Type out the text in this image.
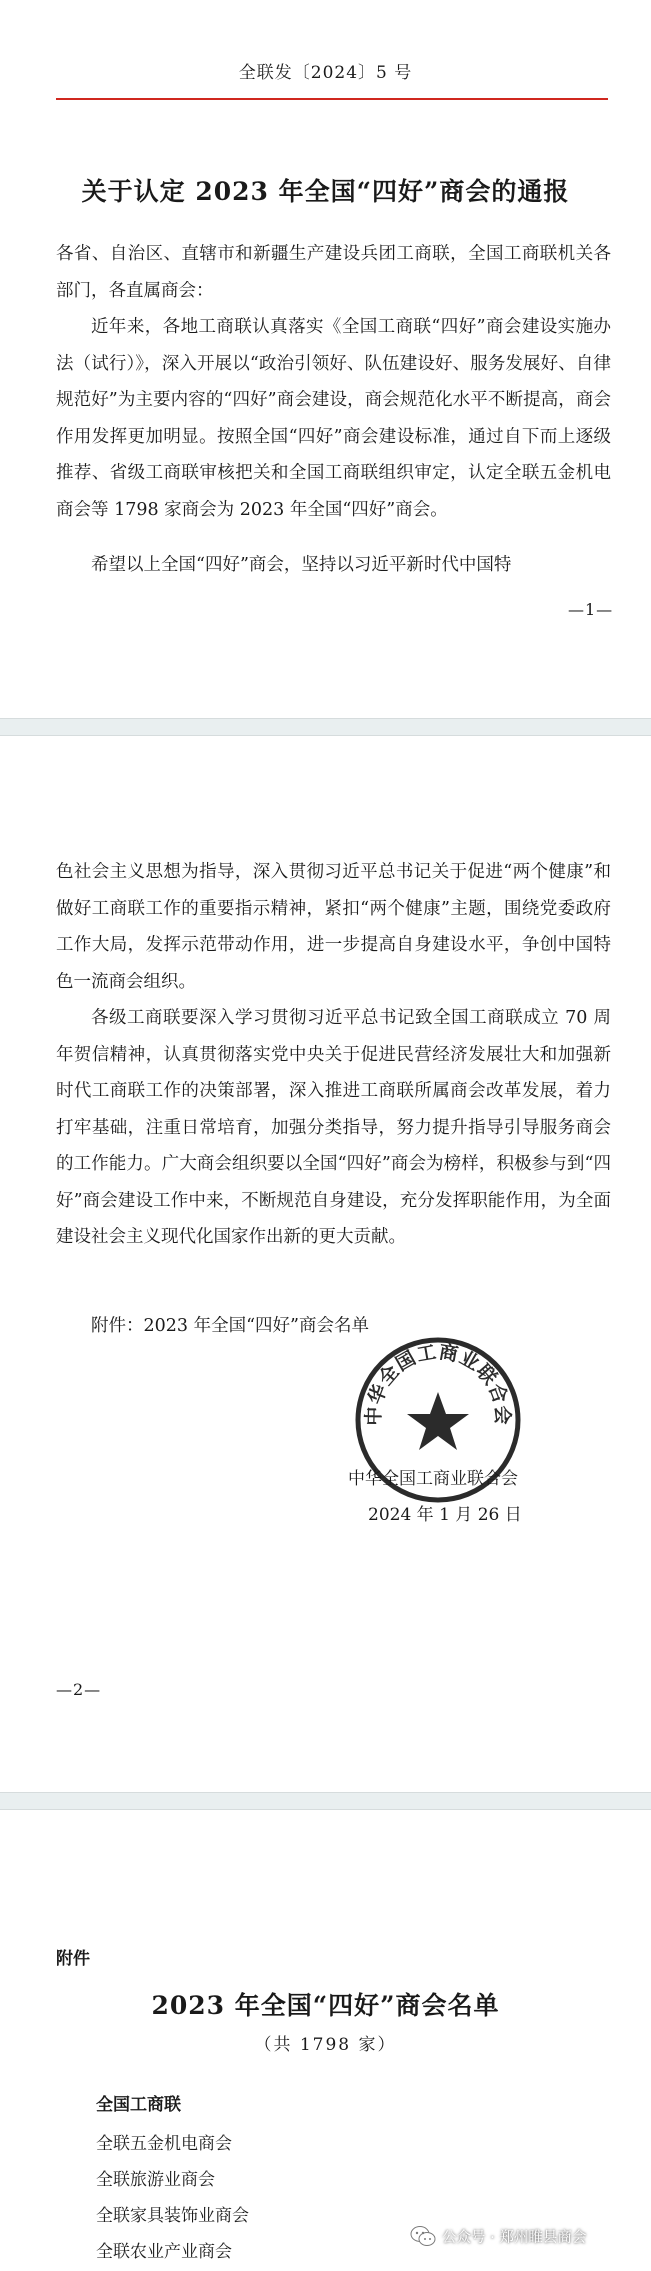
全联发〔2024〕5 号
关于认定 2023 年全国“四好”商会的通报

各省、自治区、直辖市和新疆生产建设兵团工商联，全国工商联机关各部门，各直属商会：

近年来，各地工商联认真落实《全国工商联“四好”商会建设实施办法（试行）》，深入开展以“政治引领好、队伍建设好、服务发展好、自律规范好”为主要内容的“四好”商会建设，商会规范化水平不断提高，商会作用发挥更加明显。按照全国“四好”商会建设标准，通过自下而上逐级推荐、省级工商联审核把关和全国工商联组织审定，认定全联五金机电商会等 1798 家商会为 2023 年全国“四好”商会。

希望以上全国“四好”商会，坚持以习近平新时代中国特

—1—

色社会主义思想为指导，深入贯彻习近平总书记关于促进“两个健康”和做好工商联工作的重要指示精神，紧扣“两个健康”主题，围绕党委政府工作大局，发挥示范带动作用，进一步提高自身建设水平，争创中国特色一流商会组织。

各级工商联要深入学习贯彻习近平总书记致全国工商联成立 70 周年贺信精神，认真贯彻落实党中央关于促进民营经济发展壮大和加强新时代工商联工作的决策部署，深入推进工商联所属商会改革发展，着力打牢基础，注重日常培育，加强分类指导，努力提升指导引导服务商会的工作能力。广大商会组织要以全国“四好”商会为榜样，积极参与到“四好”商会建设工作中来，不断规范自身建设，充分发挥职能作用，为全面建设社会主义现代化国家作出新的更大贡献。

附件：2023 年全国“四好”商会名单

中华全国工商业联合会
中华全国工商业联合会
2024 年 1 月 26 日
—2—
附件
2023 年全国“四好”商会名单
（共 1798 家）
全国工商联
全联五金机电商会
全联旅游业商会
全联家具装饰业商会
全联农业产业商会
公众号 · 郑州睢县商会
